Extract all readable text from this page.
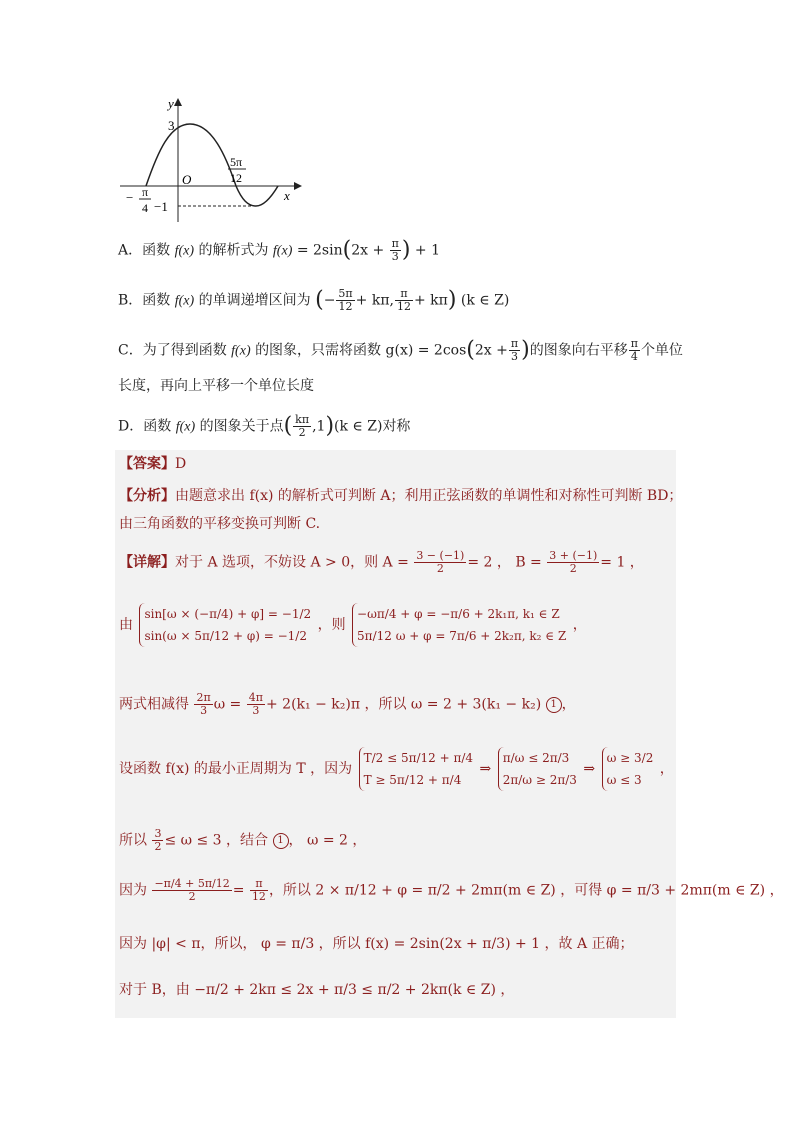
y
x
O
3
−1
− π
4
5π
12
A．函数 f(x) 的解析式为 $f(x) = 2\sin(2x + \frac{\pi}{3}$ ) + 1
B．函数 f(x) 的单调递增区间为 (− $\frac{5\pi}{12} + k\pi$, $\frac{\pi}{12} + k\pi$) (k ∈ Z)
C．为了得到函数 f(x) 的图象，只需将函数 $g(x) = 2\cos(2x + \frac{\pi}{3}$ )的图象向右平移 $\frac{\pi}{4}$ 个单位
长度，再向上平移一个单位长度
D．函数 f(x) 的图象关于点( $\frac{k\pi}{2} ,1)(k$ ∈ Z)对称
【答案】D
【分析】由题意求出 f(x) 的解析式可判断 A；利用正弦函数的单调性和对称性可判断 BD；
由三角函数的平移变换可判断 C.
【详解】对于 A 选项，不妨设 A > 0，则 $A = \frac{3 - (-1)}{2} = 2$ ， $B = \frac{3 + (-1)}{2} = 1$ ，
由
sin[ω × (−π/4) + φ] = −1/2
sin(ω × 5π/12 + φ) = −1/2
，则
−ωπ/4 + φ = −π/6 + 2k₁π, k₁ ∈ Z
5π/12 ω + φ = 7π/6 + 2k₂π, k₂ ∈ Z
，
两式相减得 $\frac{2\pi}{3}$ $\omega = \frac{4\pi}{3} + 2(k_1 - k_2)\pi$ ，所以 ω = 2 + 3(k₁ − k₂) 1 ，
设函数 f(x) 的最小正周期为 T ，因为
T/2 ≤ 5π/12 + π/4
T ≥ 5π/12 + π/4
⇒
π/ω ≤ 2π/3
2π/ω ≥ 2π/3
⇒
ω ≥ 3/2
ω ≤ 3
，
所以 $\frac{3}{2} \le \omega \le 3$ ，结合 1 ， ω = 2 ，
因为 $\frac{-\pi/4 + 5\pi/12}{2} = \frac{\pi}{12}$ ，所以 2 × π/12 + φ = π/2 + 2mπ(m ∈ Z) ，可得 φ = π/3 + 2mπ(m ∈ Z) ，
因为 |φ| < π，所以， φ = π/3 ，所以 f(x) = 2sin(2x + π/3) + 1 ，故 A 正确；
对于 B，由 −π/2 + 2kπ ≤ 2x + π/3 ≤ π/2 + 2kπ(k ∈ Z) ，
